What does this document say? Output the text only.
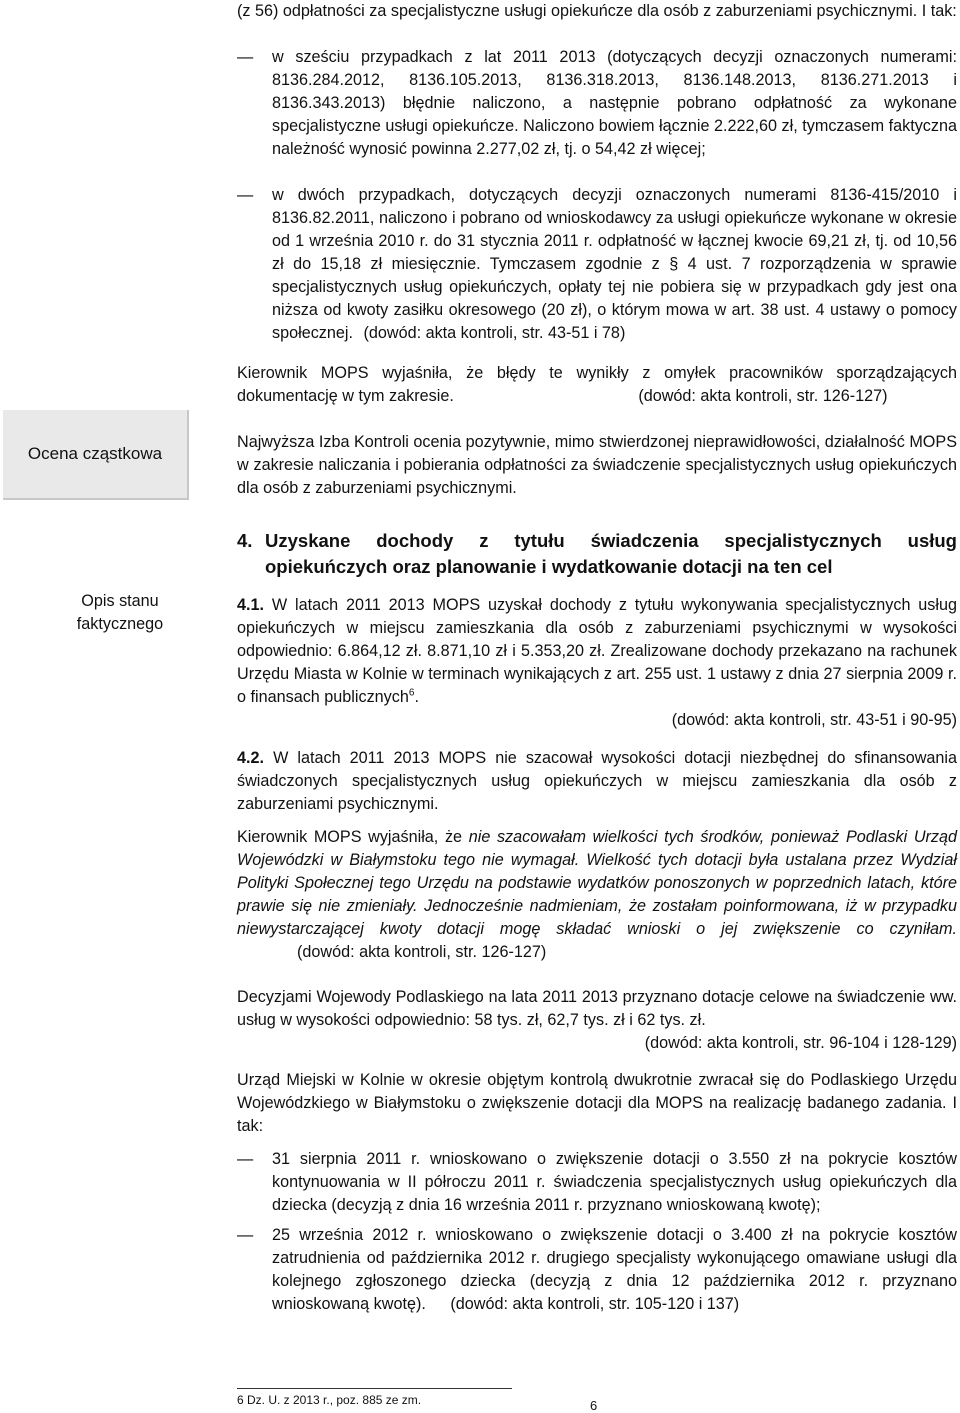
Ocena cząstkowa
Opis stanu faktycznego

(z 56) odpłatności za specjalistyczne usługi opiekuńcze dla osób z zaburzeniami psychicznymi. I tak:

— w sześciu przypadkach z lat 2011 2013 (dotyczących decyzji oznaczonych numerami: 8136.284.2012, 8136.105.2013, 8136.318.2013, 8136.148.2013, 8136.271.2013 i 8136.343.2013) błędnie naliczono, a następnie pobrano odpłatność za wykonane specjalistyczne usługi opiekuńcze. Naliczono bowiem łącznie 2.222,60 zł, tymczasem faktyczna należność wynosić powinna 2.277,02 zł, tj. o 54,42 zł więcej;

— w dwóch przypadkach, dotyczących decyzji oznaczonych numerami 8136-415/2010 i 8136.82.2011, naliczono i pobrano od wnioskodawcy za usługi opiekuńcze wykonane w okresie od 1 września 2010 r. do 31 stycznia 2011 r. odpłatność w łącznej kwocie 69,21 zł, tj. od 10,56 zł do 15,18 zł miesięcznie. Tymczasem zgodnie z § 4 ust. 7 rozporządzenia w sprawie specjalistycznych usług opiekuńczych, opłaty tej nie pobiera się w przypadkach gdy jest ona niższa od kwoty zasiłku okresowego (20 zł), o którym mowa w art. 38 ust. 4 ustawy o pomocy społecznej. (dowód: akta kontroli, str. 43-51 i 78)

Kierownik MOPS wyjaśniła, że błędy te wynikły z omyłek pracowników sporządzających dokumentację w tym zakresie.	(dowód: akta kontroli, str. 126-127)

Najwyższa Izba Kontroli ocenia pozytywnie, mimo stwierdzonej nieprawidłowości, działalność MOPS w zakresie naliczania i pobierania odpłatności za świadczenie specjalistycznych usług opiekuńczych dla osób z zaburzeniami psychicznymi.

4. Uzyskane dochody z tytułu świadczenia specjalistycznych usług opiekuńczych oraz planowanie i wydatkowanie dotacji na ten cel

4.1. W latach 2011 2013 MOPS uzyskał dochody z tytułu wykonywania specjalistycznych usług opiekuńczych w miejscu zamieszkania dla osób z zaburzeniami psychicznymi w wysokości odpowiednio: 6.864,12 zł. 8.871,10 zł i 5.353,20 zł. Zrealizowane dochody przekazano na rachunek Urzędu Miasta w Kolnie w terminach wynikających z art. 255 ust. 1 ustawy z dnia 27 sierpnia 2009 r. o finansach publicznych$^6$.

(dowód: akta kontroli, str. 43-51 i 90-95)

4.2. W latach 2011 2013 MOPS nie szacował wysokości dotacji niezbędnej do sfinansowania świadczonych specjalistycznych usług opiekuńczych w miejscu zamieszkania dla osób z zaburzeniami psychicznymi.

Kierownik MOPS wyjaśniła, że nie szacowałam wielkości tych środków, ponieważ Podlaski Urząd Wojewódzki w Białymstoku tego nie wymagał. Wielkość tych dotacji była ustalana przez Wydział Polityki Społecznej tego Urzędu na podstawie wydatków ponoszonych w poprzednich latach, które prawie się nie zmieniały. Jednocześnie nadmieniam, że zostałam poinformowana, iż w przypadku niewystarczającej kwoty dotacji mogę składać wnioski o jej zwiększenie co czyniłam. (dowód: akta kontroli, str. 126-127)

Decyzjami Wojewody Podlaskiego na lata 2011 2013 przyznano dotacje celowe na świadczenie ww. usług w wysokości odpowiednio: 58 tys. zł, 62,7 tys. zł i 62 tys. zł.

(dowód: akta kontroli, str. 96-104 i 128-129)

Urząd Miejski w Kolnie w okresie objętym kontrolą dwukrotnie zwracał się do Podlaskiego Urzędu Wojewódzkiego w Białymstoku o zwiększenie dotacji dla MOPS na realizację badanego zadania. I tak:

— 31 sierpnia 2011 r. wnioskowano o zwiększenie dotacji o 3.550 zł na pokrycie kosztów kontynuowania w II półroczu 2011 r. świadczenia specjalistycznych usług opiekuńczych dla dziecka (decyzją z dnia 16 września 2011 r. przyznano wnioskowaną kwotę);

— 25 września 2012 r. wnioskowano o zwiększenie dotacji o 3.400 zł na pokrycie kosztów zatrudnienia od października 2012 r. drugiego specjalisty wykonującego omawiane usługi dla kolejnego zgłoszonego dziecka (decyzją z dnia 12 października 2012 r. przyznano wnioskowaną kwotę). (dowód: akta kontroli, str. 105-120 i 137)

6 Dz. U. z 2013 r., poz. 885 ze zm.	6
